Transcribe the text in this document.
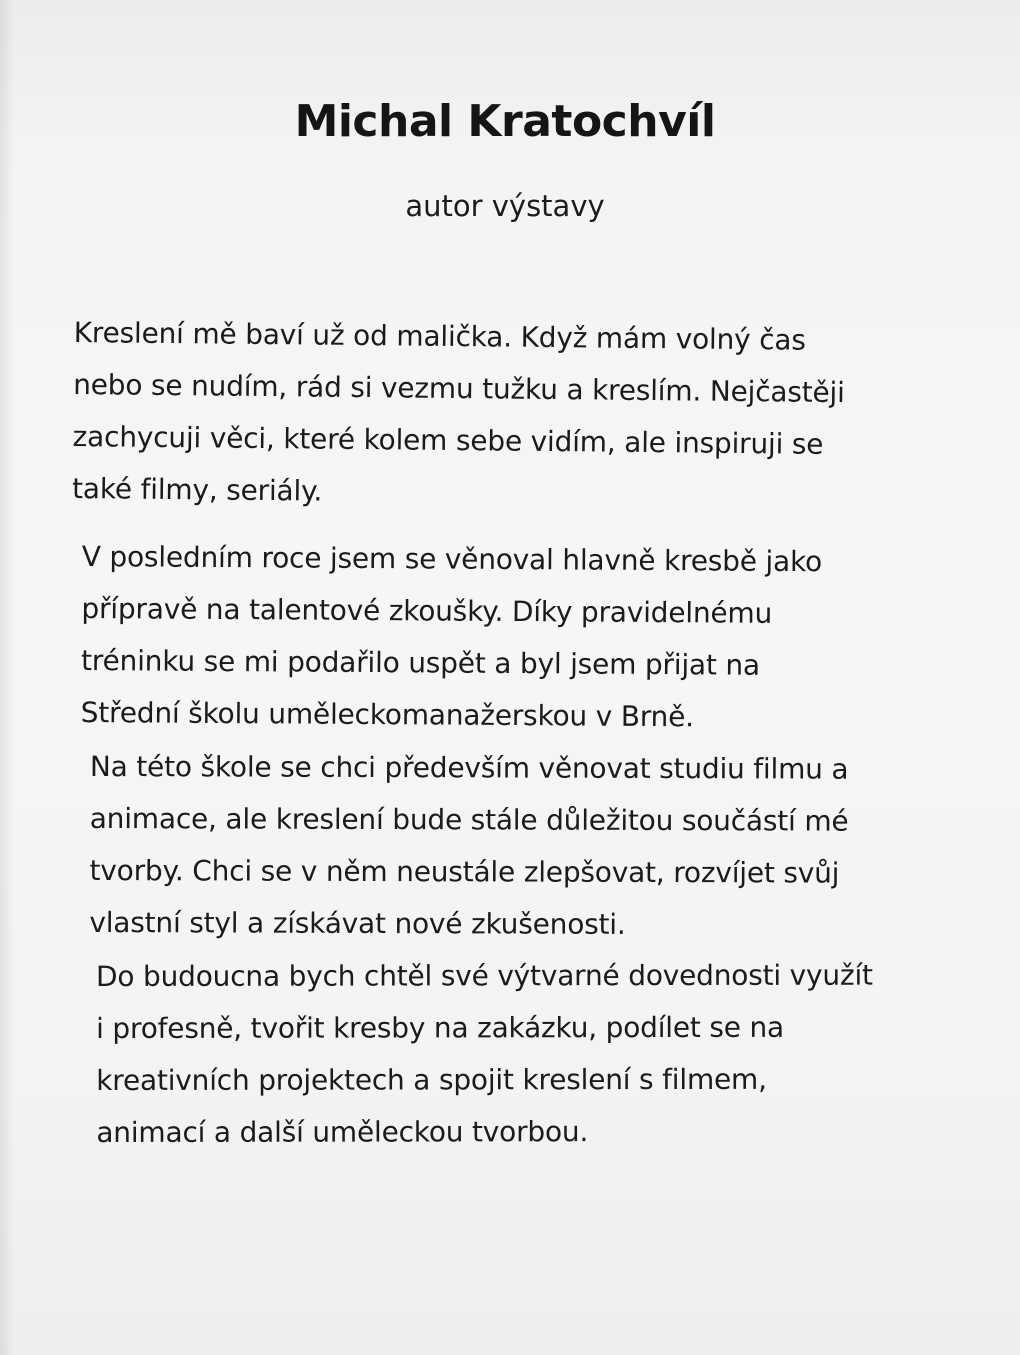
Michal Kratochvíl
autor výstavy

Kreslení mě baví už od malička. Když mám volný čas
nebo se nudím, rád si vezmu tužku a kreslím. Nejčastěji
zachycuji věci, které kolem sebe vidím, ale inspiruji se
také filmy, seriály.

V posledním roce jsem se věnoval hlavně kresbě jako
přípravě na talentové zkoušky. Díky pravidelnému
tréninku se mi podařilo uspět a byl jsem přijat na
Střední školu uměleckomanažerskou v Brně.

Na této škole se chci především věnovat studiu filmu a
animace, ale kreslení bude stále důležitou součástí mé
tvorby. Chci se v něm neustále zlepšovat, rozvíjet svůj
vlastní styl a získávat nové zkušenosti.

Do budoucna bych chtěl své výtvarné dovednosti využít
i profesně, tvořit kresby na zakázku, podílet se na
kreativních projektech a spojit kreslení s filmem,
animací a další uměleckou tvorbou.
